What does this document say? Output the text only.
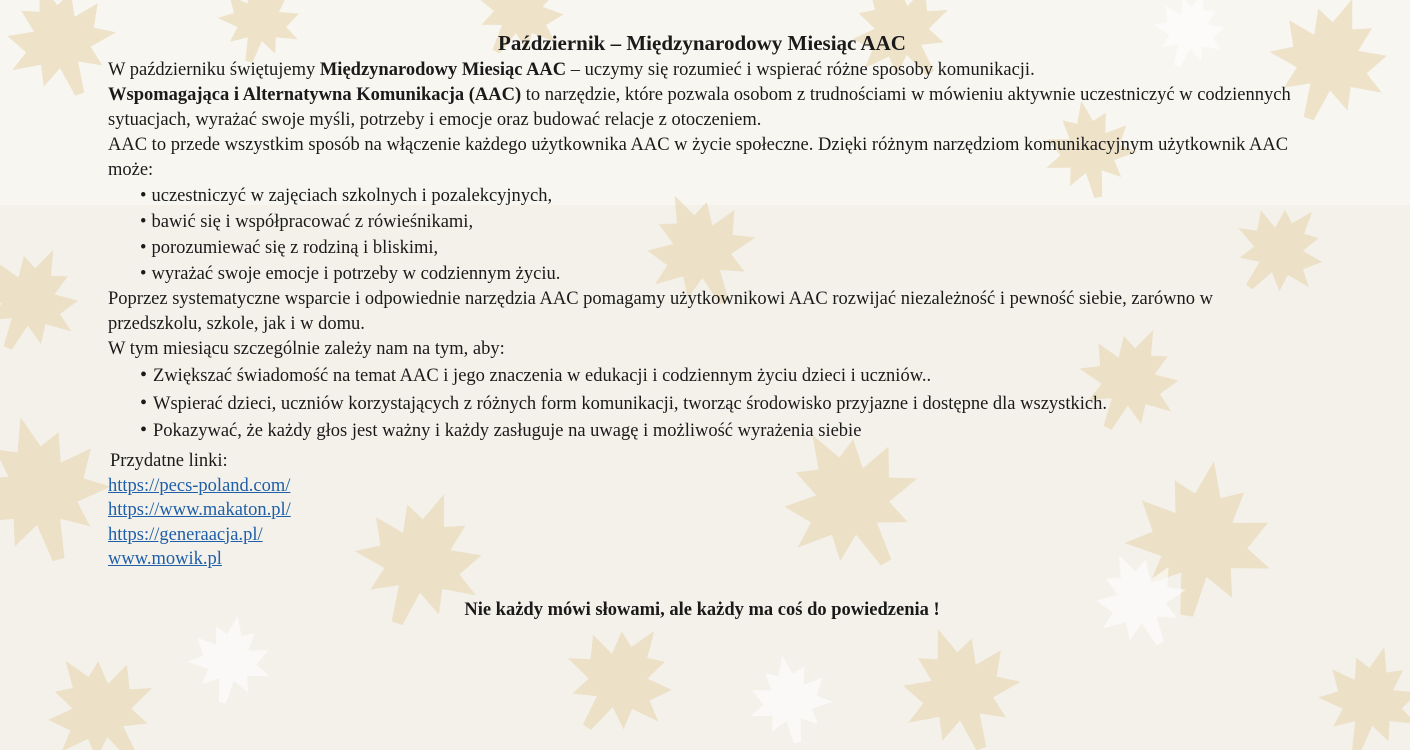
Październik – Międzynarodowy Miesiąc AAC

W październiku świętujemy Międzynarodowy Miesiąc AAC – uczymy się rozumieć i wspierać różne sposoby komunikacji.

Wspomagająca i Alternatywna Komunikacja (AAC) to narzędzie, które pozwala osobom z trudnościami w mówieniu aktywnie uczestniczyć w codziennych sytuacjach, wyrażać swoje myśli, potrzeby i emocje oraz budować relacje z otoczeniem.

AAC to przede wszystkim sposób na włączenie każdego użytkownika AAC w życie społeczne. Dzięki różnym narzędziom komunikacyjnym użytkownik AAC może:

• uczestniczyć w zajęciach szkolnych i pozalekcyjnych,
• bawić się i współpracować z rówieśnikami,
• porozumiewać się z rodziną i bliskimi,
• wyrażać swoje emocje i potrzeby w codziennym życiu.

Poprzez systematyczne wsparcie i odpowiednie narzędzia AAC pomagamy użytkownikowi AAC rozwijać niezależność i pewność siebie, zarówno w przedszkolu, szkole, jak i w domu.

W tym miesiącu szczególnie zależy nam na tym, aby:

• Zwiększać świadomość na temat AAC i jego znaczenia w edukacji i codziennym życiu dzieci i uczniów..
• Wspierać dzieci, uczniów korzystających z różnych form komunikacji, tworząc środowisko przyjazne i dostępne dla wszystkich.
• Pokazywać, że każdy głos jest ważny i każdy zasługuje na uwagę i możliwość wyrażenia siebie

Przydatne linki:

https://pecs-poland.com/
https://www.makaton.pl/
https://generaacja.pl/
www.mowik.pl

Nie każdy mówi słowami, ale każdy ma coś do powiedzenia !
